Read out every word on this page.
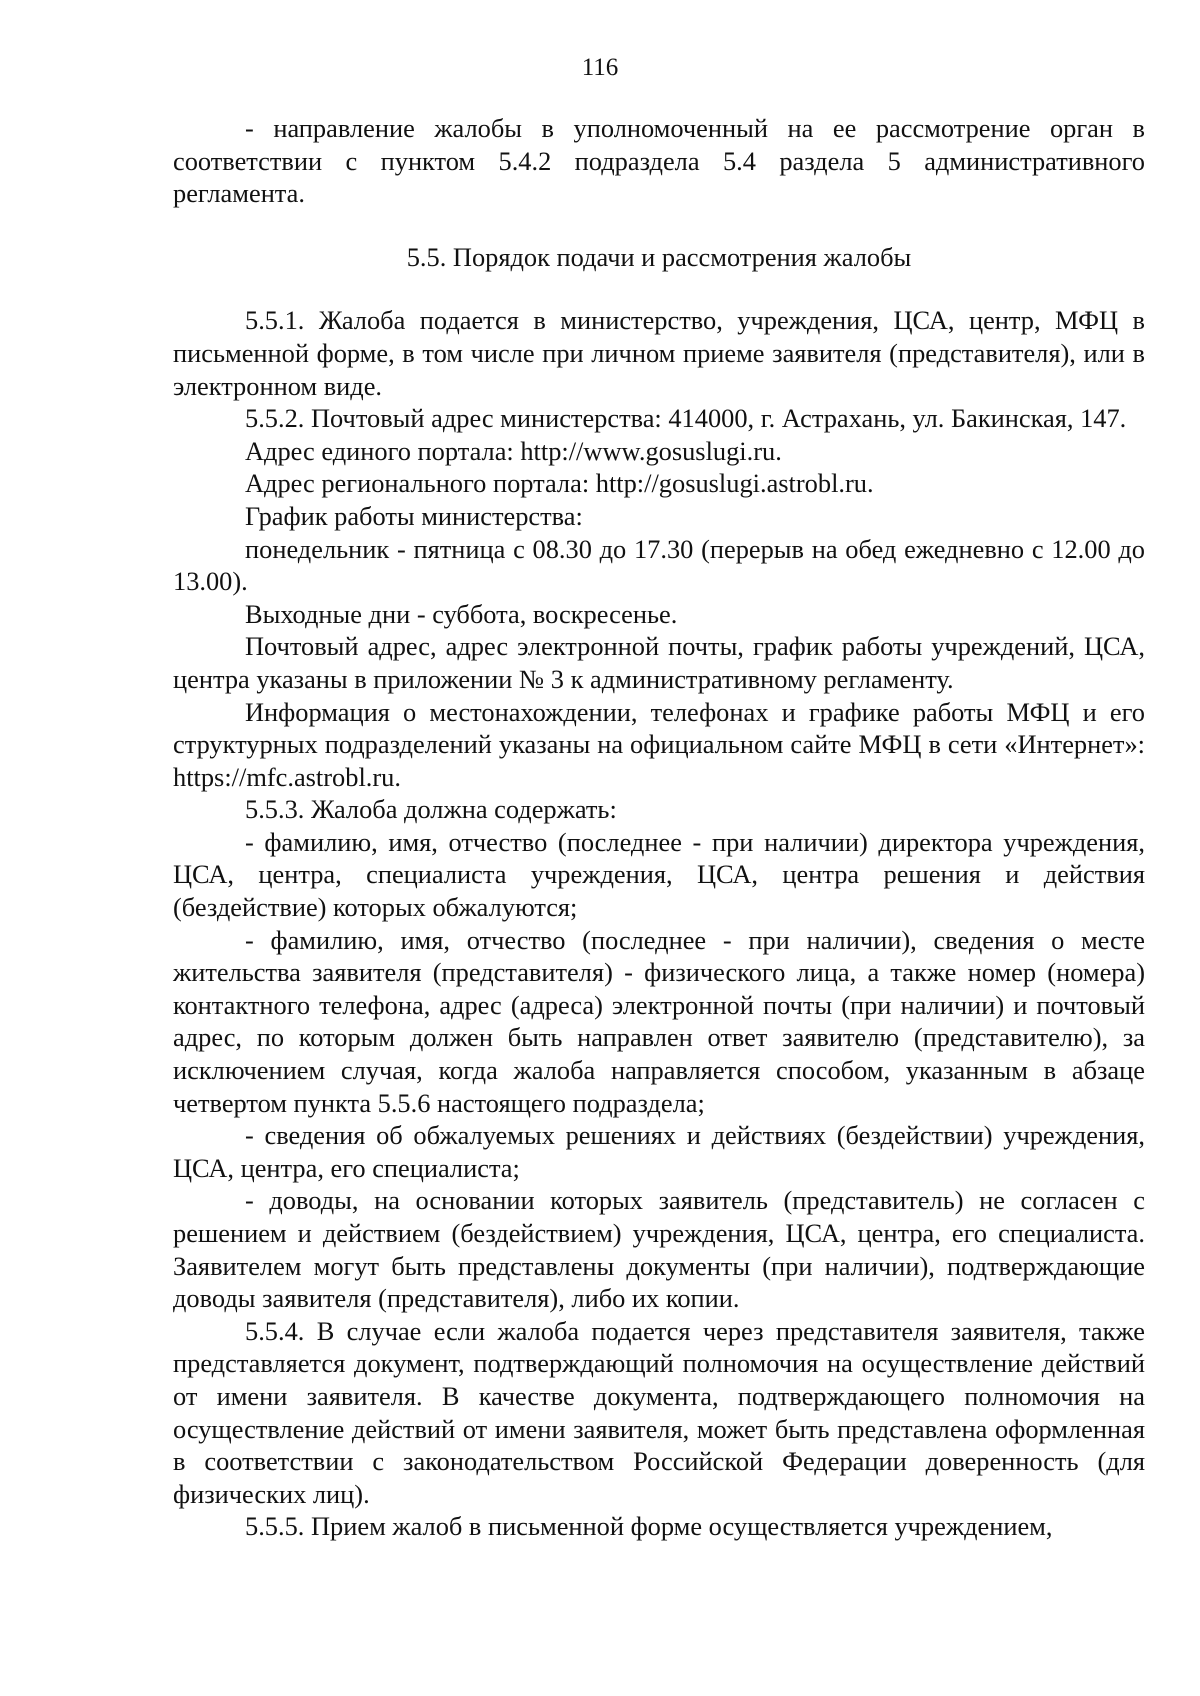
116

- направление жалобы в уполномоченный на ее рассмотрение орган в соответствии с пунктом 5.4.2 подраздела 5.4 раздела 5 административного регламента.

5.5. Порядок подачи и рассмотрения жалобы

5.5.1. Жалоба подается в министерство, учреждения, ЦСА, центр, МФЦ в письменной форме, в том числе при личном приеме заявителя (представителя), или в электронном виде.

5.5.2. Почтовый адрес министерства: 414000, г. Астрахань, ул. Бакинская, 147.

Адрес единого портала: http://www.gosuslugi.ru.

Адрес регионального портала: http://gosuslugi.astrobl.ru.

График работы министерства:

понедельник - пятница с 08.30 до 17.30 (перерыв на обед ежедневно с 12.00 до 13.00).

Выходные дни - суббота, воскресенье.

Почтовый адрес, адрес электронной почты, график работы учреждений, ЦСА, центра указаны в приложении № 3 к административному регламенту.

Информация о местонахождении, телефонах и графике работы МФЦ и его структурных подразделений указаны на официальном сайте МФЦ в сети «Интернет»: https://mfc.astrobl.ru.

5.5.3. Жалоба должна содержать:

- фамилию, имя, отчество (последнее - при наличии) директора учреждения, ЦСА, центра, специалиста учреждения, ЦСА, центра решения и действия (бездействие) которых обжалуются;

- фамилию, имя, отчество (последнее - при наличии), сведения о месте жительства заявителя (представителя) - физического лица, а также номер (номера) контактного телефона, адрес (адреса) электронной почты (при наличии) и почтовый адрес, по которым должен быть направлен ответ заявителю (представителю), за исключением случая, когда жалоба направляется способом, указанным в абзаце четвертом пункта 5.5.6 настоящего подраздела;

- сведения об обжалуемых решениях и действиях (бездействии) учреждения, ЦСА, центра, его специалиста;

- доводы, на основании которых заявитель (представитель) не согласен с решением и действием (бездействием) учреждения, ЦСА, центра, его специалиста. Заявителем могут быть представлены документы (при наличии), подтверждающие доводы заявителя (представителя), либо их копии.

5.5.4. В случае если жалоба подается через представителя заявителя, также представляется документ, подтверждающий полномочия на осуществление действий от имени заявителя. В качестве документа, подтверждающего полномочия на осуществление действий от имени заявителя, может быть представлена оформленная в соответствии с законодательством Российской Федерации доверенность (для физических лиц).

5.5.5. Прием жалоб в письменной форме осуществляется учреждением,
